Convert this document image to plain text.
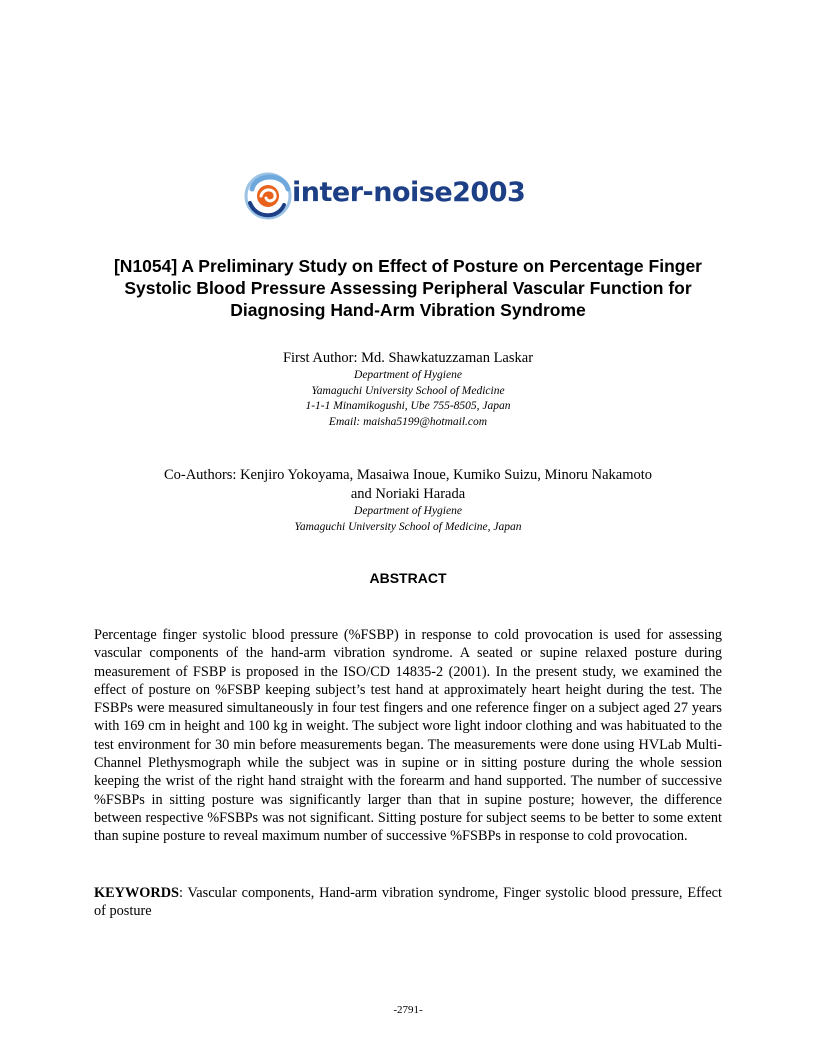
inter-noise2003
[N1054] A Preliminary Study on Effect of Posture on Percentage Finger
Systolic Blood Pressure Assessing Peripheral Vascular Function for
Diagnosing Hand-Arm Vibration Syndrome
First Author: Md. Shawkatuzzaman Laskar
Department of Hygiene
Yamaguchi University School of Medicine
1-1-1 Minamikogushi, Ube 755-8505, Japan
Email: maisha5199@hotmail.com
Co-Authors: Kenjiro Yokoyama, Masaiwa Inoue, Kumiko Suizu, Minoru Nakamoto
and Noriaki Harada
Department of Hygiene
Yamaguchi University School of Medicine, Japan
ABSTRACT

Percentage finger systolic blood pressure (%FSBP) in response to cold provocation is used for assessing vascular components of the hand-arm vibration syndrome. A seated or supine relaxed posture during measurement of FSBP is proposed in the ISO/CD 14835-2 (2001). In the present study, we examined the effect of posture on %FSBP keeping subject’s test hand at approximately heart height during the test. The FSBPs were measured simultaneously in four test fingers and one reference finger on a subject aged 27 years with 169 cm in height and 100 kg in weight. The subject wore light indoor clothing and was habituated to the test environment for 30 min before measurements began. The measurements were done using HVLab Multi-Channel Plethysmograph while the subject was in supine or in sitting posture during the whole session keeping the wrist of the right hand straight with the forearm and hand supported. The number of successive %FSBPs in sitting posture was significantly larger than that in supine posture; however, the difference between respective %FSBPs was not significant. Sitting posture for subject seems to be better to some extent than supine posture to reveal maximum number of successive %FSBPs in response to cold provocation.

KEYWORDS: Vascular components, Hand-arm vibration syndrome, Finger systolic blood pressure, Effect of posture

-2791-
